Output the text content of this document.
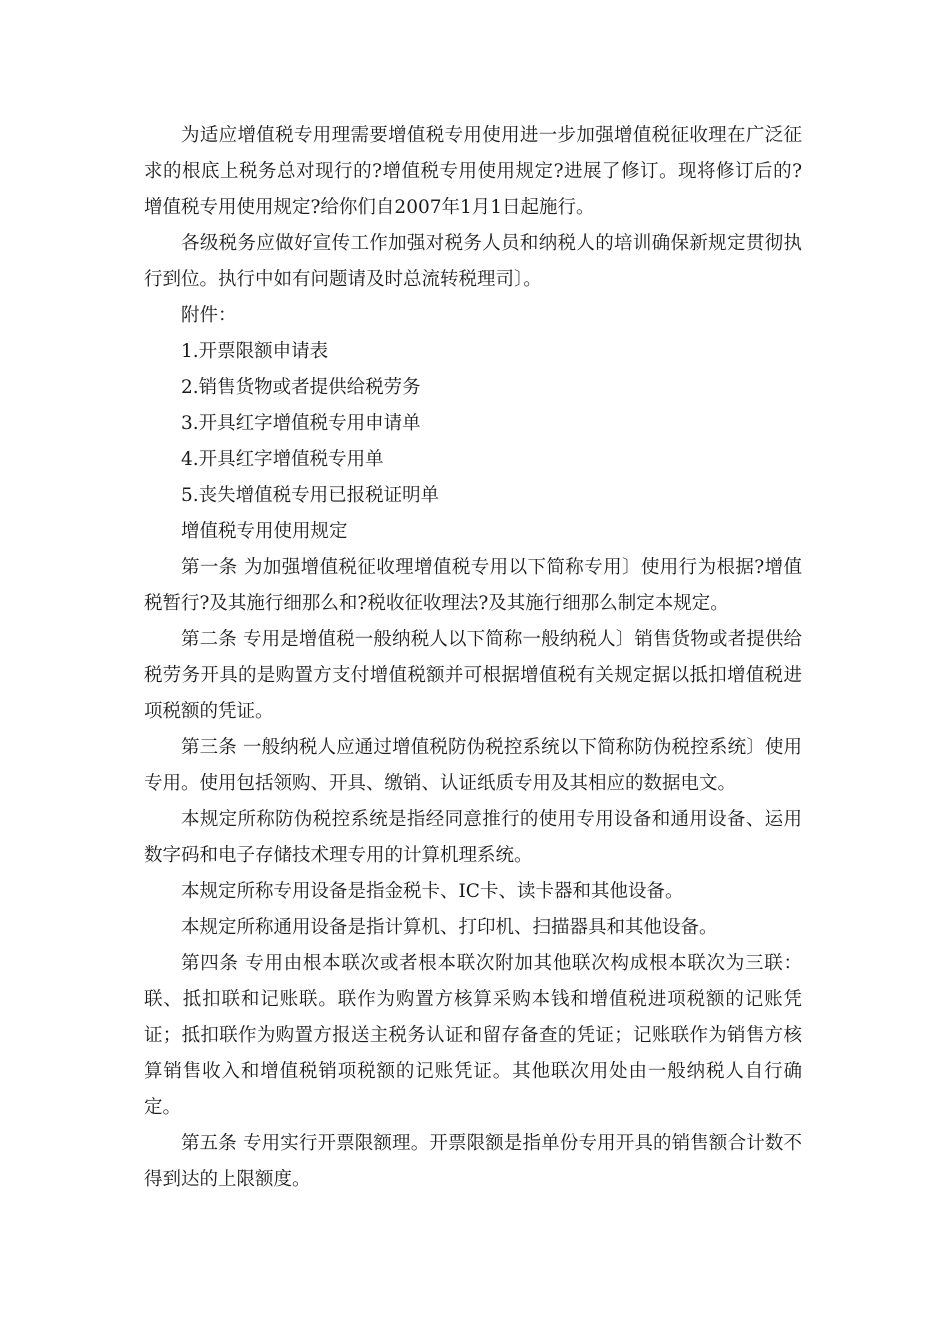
为适应增值税专用理需要增值税专用使用进一步加强增值税征收理在广泛征求的根底上税务总对现行的?增值税专用使用规定?进展了修订。现将修订后的?增值税专用使用规定?给你们自2007年1月1日起施行。

各级税务应做好宣传工作加强对税务人员和纳税人的培训确保新规定贯彻执行到位。执行中如有问题请及时总流转税理司〕。

附件：

1.开票限额申请表

2.销售货物或者提供给税劳务

3.开具红字增值税专用申请单

4.开具红字增值税专用单

5.丧失增值税专用已报税证明单

增值税专用使用规定

第一条 为加强增值税征收理增值税专用以下简称专用〕使用行为根据?增值税暂行?及其施行细那么和?税收征收理法?及其施行细那么制定本规定。

第二条 专用是增值税一般纳税人以下简称一般纳税人〕销售货物或者提供给税劳务开具的是购置方支付增值税额并可根据增值税有关规定据以抵扣增值税进项税额的凭证。

第三条 一般纳税人应通过增值税防伪税控系统以下简称防伪税控系统〕使用专用。使用包括领购、开具、缴销、认证纸质专用及其相应的数据电文。

本规定所称防伪税控系统是指经同意推行的使用专用设备和通用设备、运用数字码和电子存储技术理专用的计算机理系统。

本规定所称专用设备是指金税卡、IC卡、读卡器和其他设备。

本规定所称通用设备是指计算机、打印机、扫描器具和其他设备。

第四条 专用由根本联次或者根本联次附加其他联次构成根本联次为三联：联、抵扣联和记账联。联作为购置方核算采购本钱和增值税进项税额的记账凭证；抵扣联作为购置方报送主税务认证和留存备查的凭证；记账联作为销售方核算销售收入和增值税销项税额的记账凭证。其他联次用处由一般纳税人自行确定。

第五条 专用实行开票限额理。开票限额是指单份专用开具的销售额合计数不得到达的上限额度。
